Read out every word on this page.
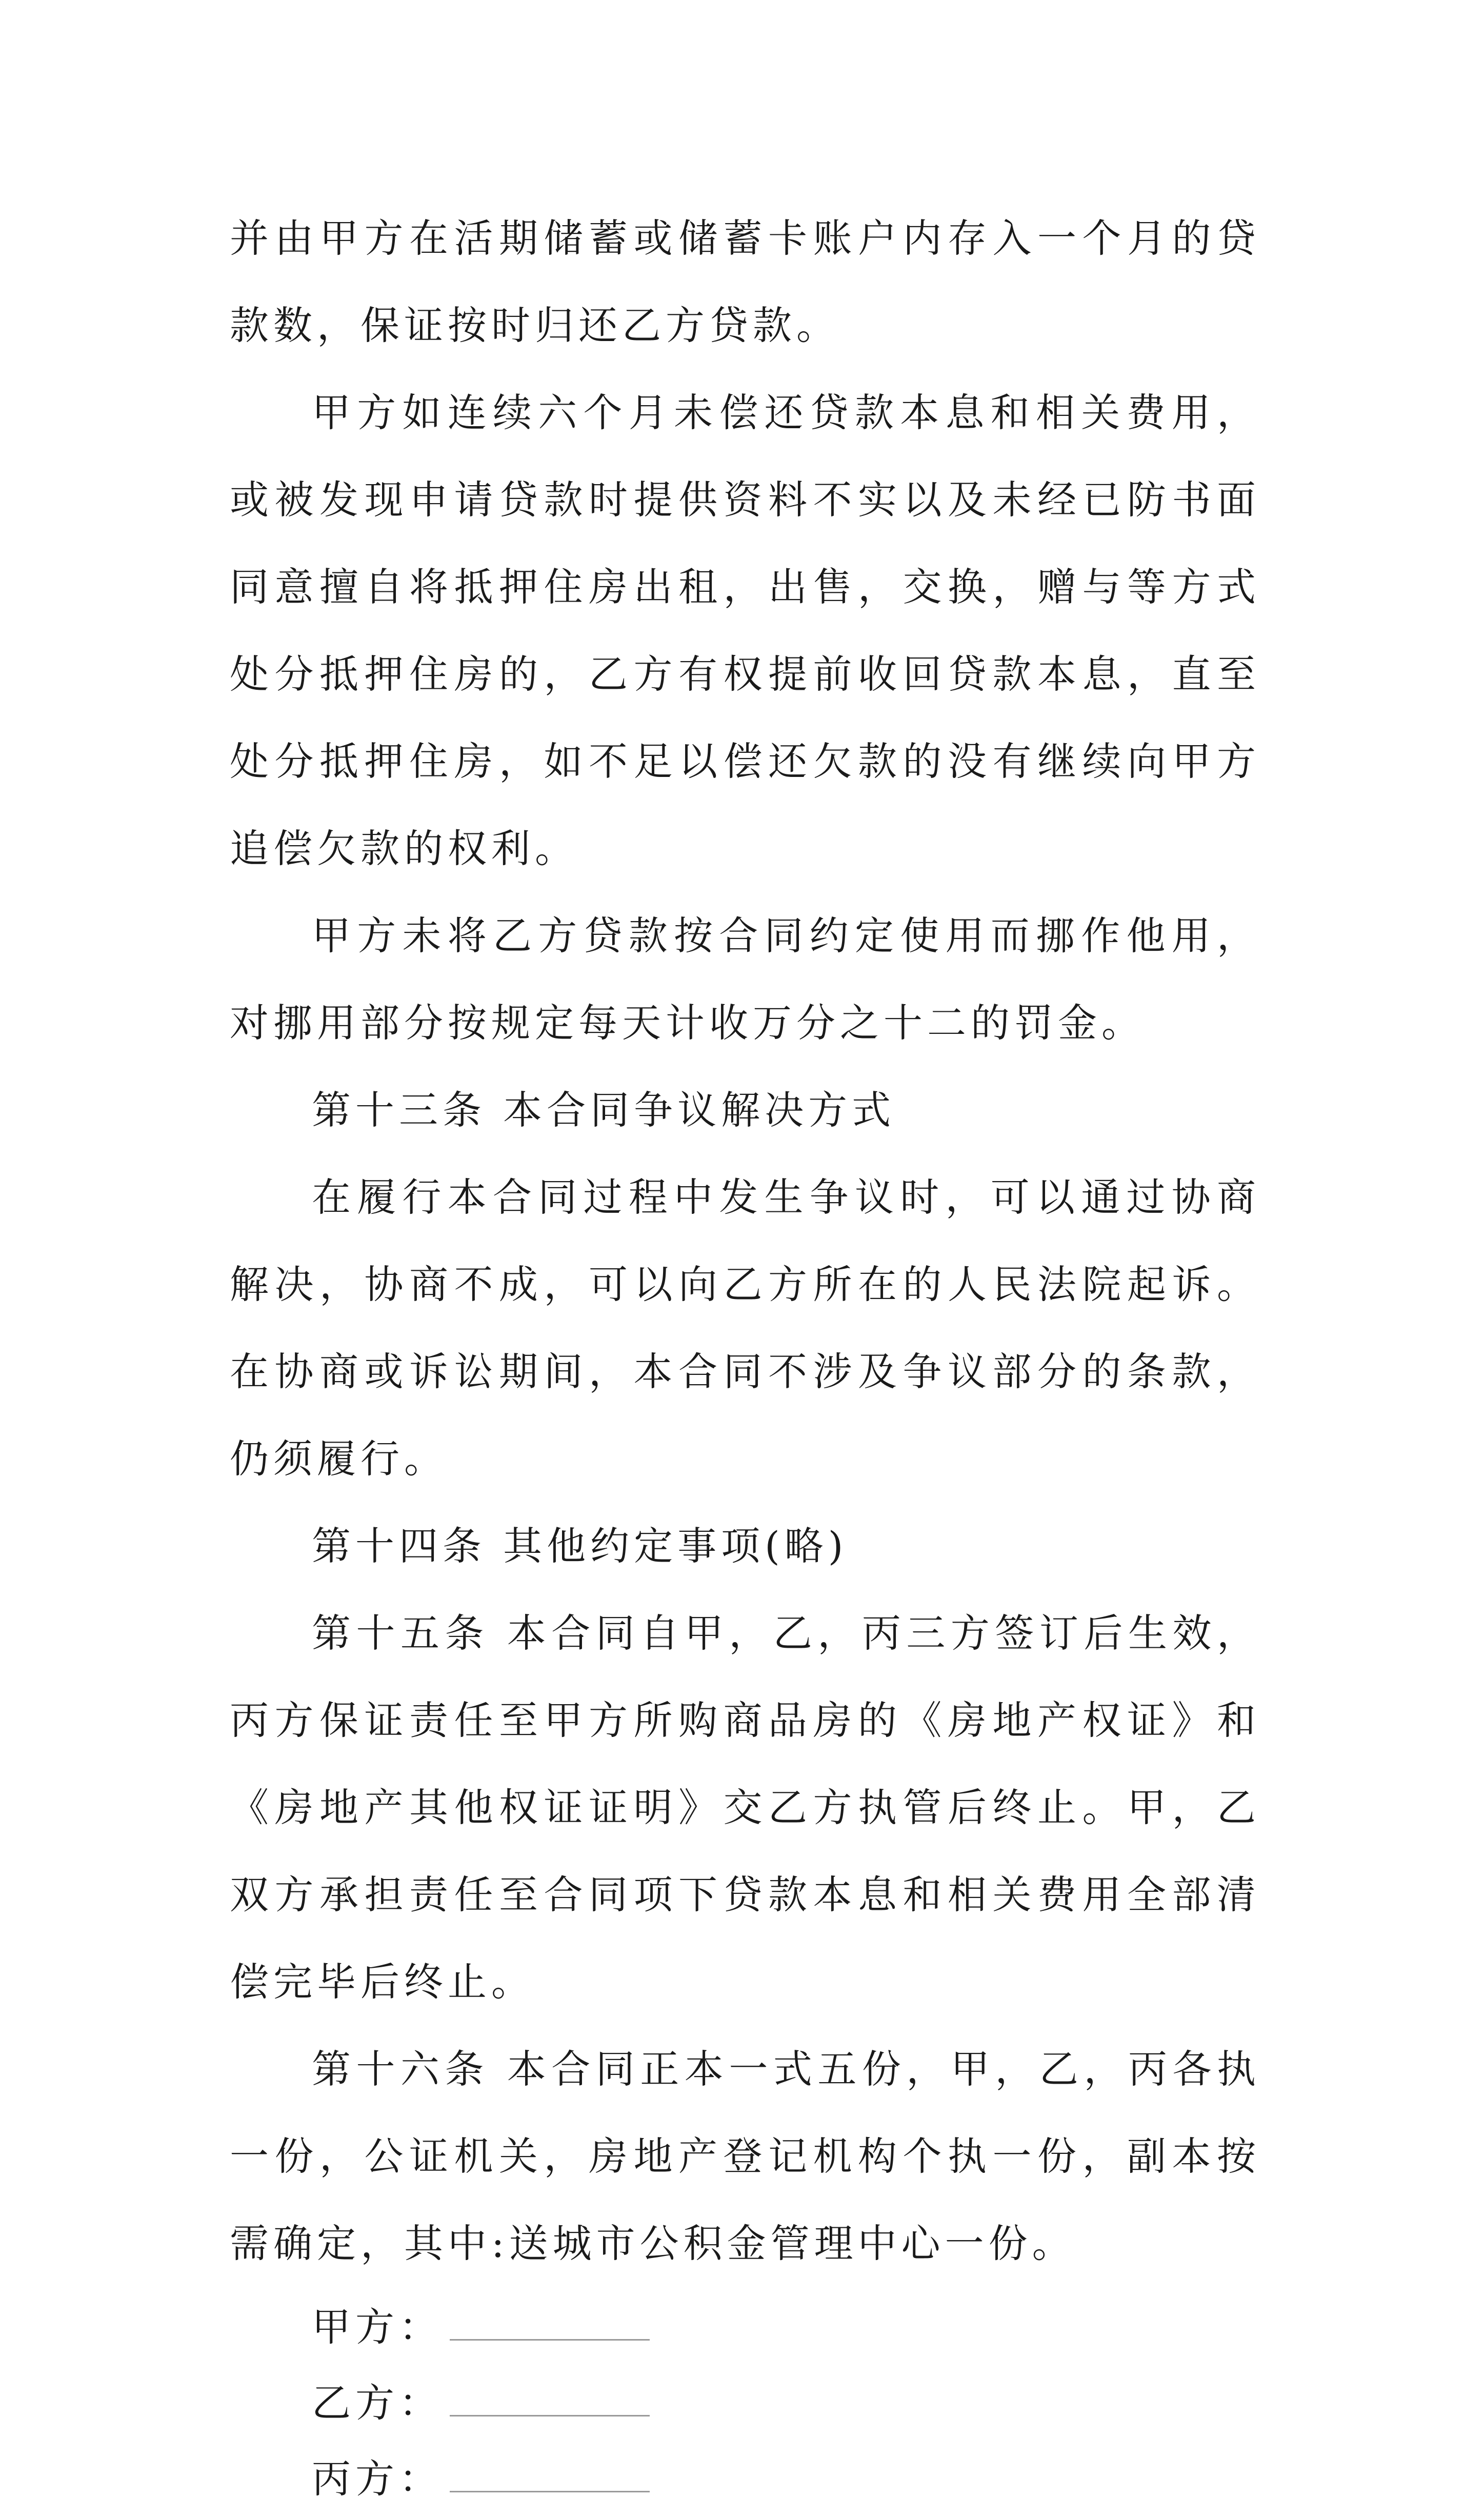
并由甲方在活期储蓄或储蓄卡账户内存入一个月的贷款数，保证按时归还乙方贷款。

甲方如连续六个月未偿还贷款本息和相关费用，或被发现申请贷款时提供资料不实以及未经已防书面同意擅自将抵押住房出租，出售，交换，赠与等方式处分抵押住房的，乙方有权提前收回贷款本息，直至处分抵押住房，如不足以偿还欠款的没有继续向甲方追偿欠款的权利。

甲方未将乙方贷款按合同约定使用而挪作他用，对挪用部分按规定每天计收万分之十二的罚金。

第十三条 本合同争议解决方式

在履行本合同过程中发生争议时，可以通过协商解决，协商不成，可以向乙方所在的人民法院起诉。在协商或诉讼期间，本合同不涉及争议部分的条款，仍须履行。

第十四条 其他约定事项(略)

第十五条 本合同自甲，乙，丙三方签订后生效，丙方保证责任至甲方所购商品房的《房地产权证》和《房地产其他权证证明》交乙方执管后终止。甲，乙双方承担责任至合同项下贷款本息和相关费用全部清偿完毕后终止。

第十六条 本合同正本一式五份，甲，乙，丙各执一份，公证机关，房地产登记机构个执一份，副本按需确定，其中:送城市公积金管理中心一份。

甲方：
乙方：
丙方：
